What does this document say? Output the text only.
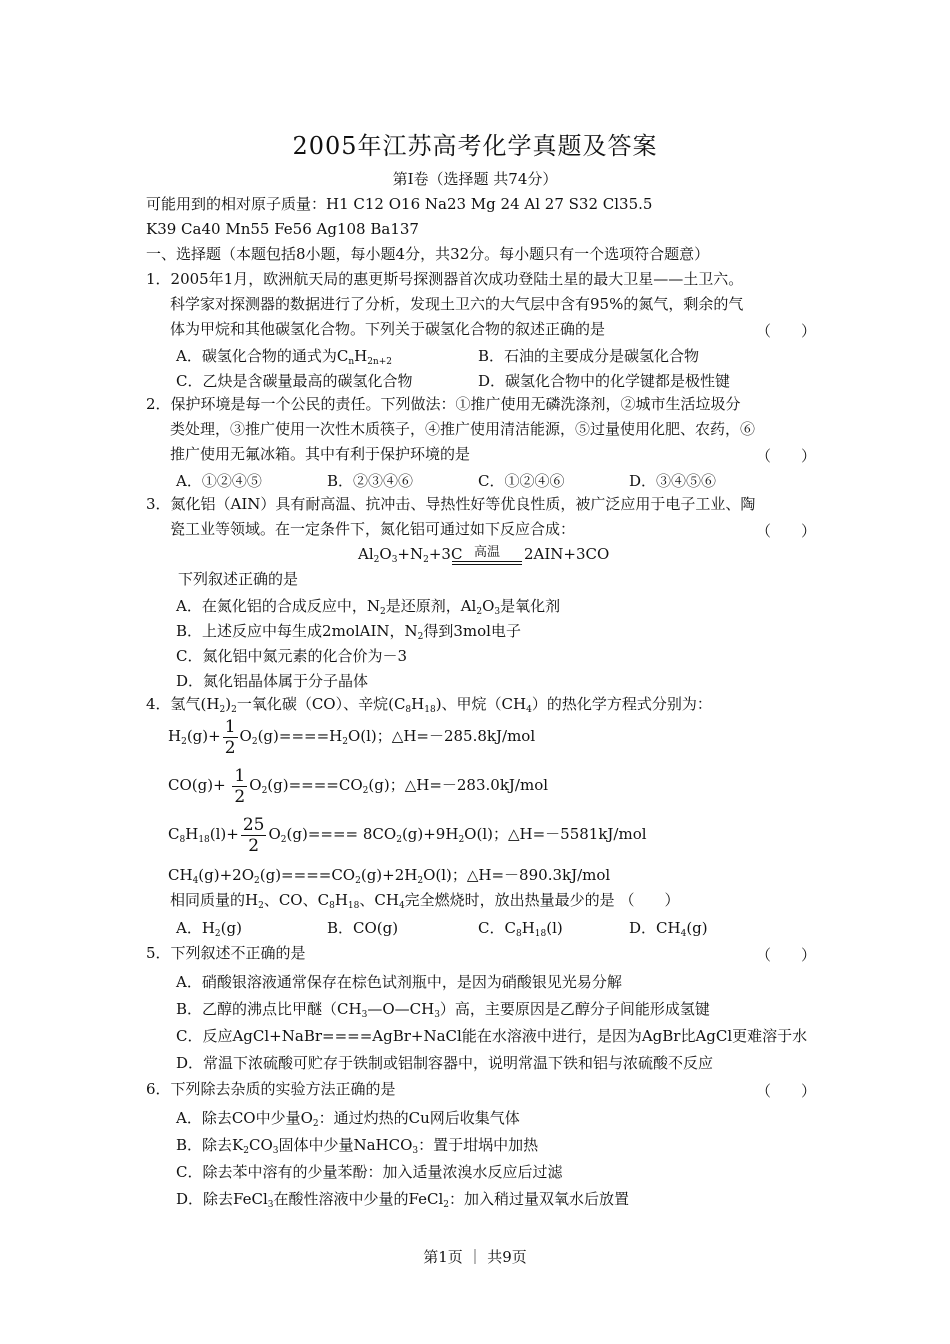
2005年江苏高考化学真题及答案
第Ⅰ卷（选择题 共74分）
可能用到的相对原子质量：H1 C12 O16 Na23 Mg 24 Al 27 S32 Cl35.5
K39 Ca40 Mn55 Fe56 Ag108 Ba137
一、选择题（本题包括8小题，每小题4分，共32分。每小题只有一个选项符合题意）
1．2005年1月，欧洲航天局的惠更斯号探测器首次成功登陆土星的最大卫星——土卫六。
科学家对探测器的数据进行了分析，发现土卫六的大气层中含有95%的氮气，剩余的气
体为甲烷和其他碳氢化合物。下列关于碳氢化合物的叙述正确的是	（　　）
A．碳氢化合物的通式为$C_nH_{2n+2}$	B．石油的主要成分是碳氢化合物
C．乙炔是含碳量最高的碳氢化合物	D．碳氢化合物中的化学键都是极性键
2．保护环境是每一个公民的责任。下列做法：①推广使用无磷洗涤剂，②城市生活垃圾分
类处理，③推广使用一次性木质筷子，④推广使用清洁能源，⑤过量使用化肥、农药，⑥
推广使用无氟冰箱。其中有利于保护环境的是	（　　）
A．①②④⑤	B．②③④⑥	C．①②④⑥	D．③④⑤⑥
3．氮化铝（AIN）具有耐高温、抗冲击、导热性好等优良性质，被广泛应用于电子工业、陶
瓷工业等领域。在一定条件下，氮化铝可通过如下反应合成：	（　　）
$Al_2O_3+N_2+3C$ 高温	2AIN+3CO
下列叙述正确的是
A．在氮化铝的合成反应中，$N_2$是还原剂，$Al_2O_3$是氧化剂
B．上述反应中每生成2molAIN，$N_2$得到3mol电子
C．氮化铝中氮元素的化合价为－3
D．氮化铝晶体属于分子晶体
4．氢气$(H_2)_2$一氧化碳（CO）、辛烷$(C_8H_{18})$、甲烷$(CH_4)$的热化学方程式分别为：
$H_2(g)+ \frac{1}{2} O_2(g)====H_2O(l)$；△H=－285.8kJ/mol
$CO(g)+ \frac{1}{2} O_2(g)====CO_2(g)$；△H=－283.0kJ/mol
$C_8H_{18}(l)+ \frac{25}{2} O_2(g)==== 8CO_2(g)+9H_2O(l)$；△H=－5581kJ/mol
$CH_4(g)+2O_2(g)====CO_2(g)+2H_2O(l)$；△H=－890.3kJ/mol
相同质量的$H_2$、CO、$C_8H_{18}$、$CH_4$完全燃烧时，放出热量最少的是 （　　）
A．$H_2(g)$	B．CO(g)	C．$C_8H_{18}(l)$	D．$CH_4(g)$
5．下列叙述不正确的是	（　　）
A．硝酸银溶液通常保存在棕色试剂瓶中，是因为硝酸银见光易分解
B．乙醇的沸点比甲醚$(CH_3—O—CH_3)$高，主要原因是乙醇分子间能形成氢键
C．反应AgCl+NaBr====AgBr+NaCl能在水溶液中进行，是因为AgBr比AgCl更难溶于水
D．常温下浓硫酸可贮存于铁制或铝制容器中，说明常温下铁和铝与浓硫酸不反应
6．下列除去杂质的实验方法正确的是	（　　）
A．除去CO中少量$O_2$：通过灼热的Cu网后收集气体
B．除去$K_2CO_3$固体中少量NaHCO$_3$：置于坩埚中加热
C．除去苯中溶有的少量苯酚：加入适量浓溴水反应后过滤
D．除去FeCl$_3$在酸性溶液中少量的FeCl$_2$：加入稍过量双氧水后放置
第1页 ｜ 共9页
